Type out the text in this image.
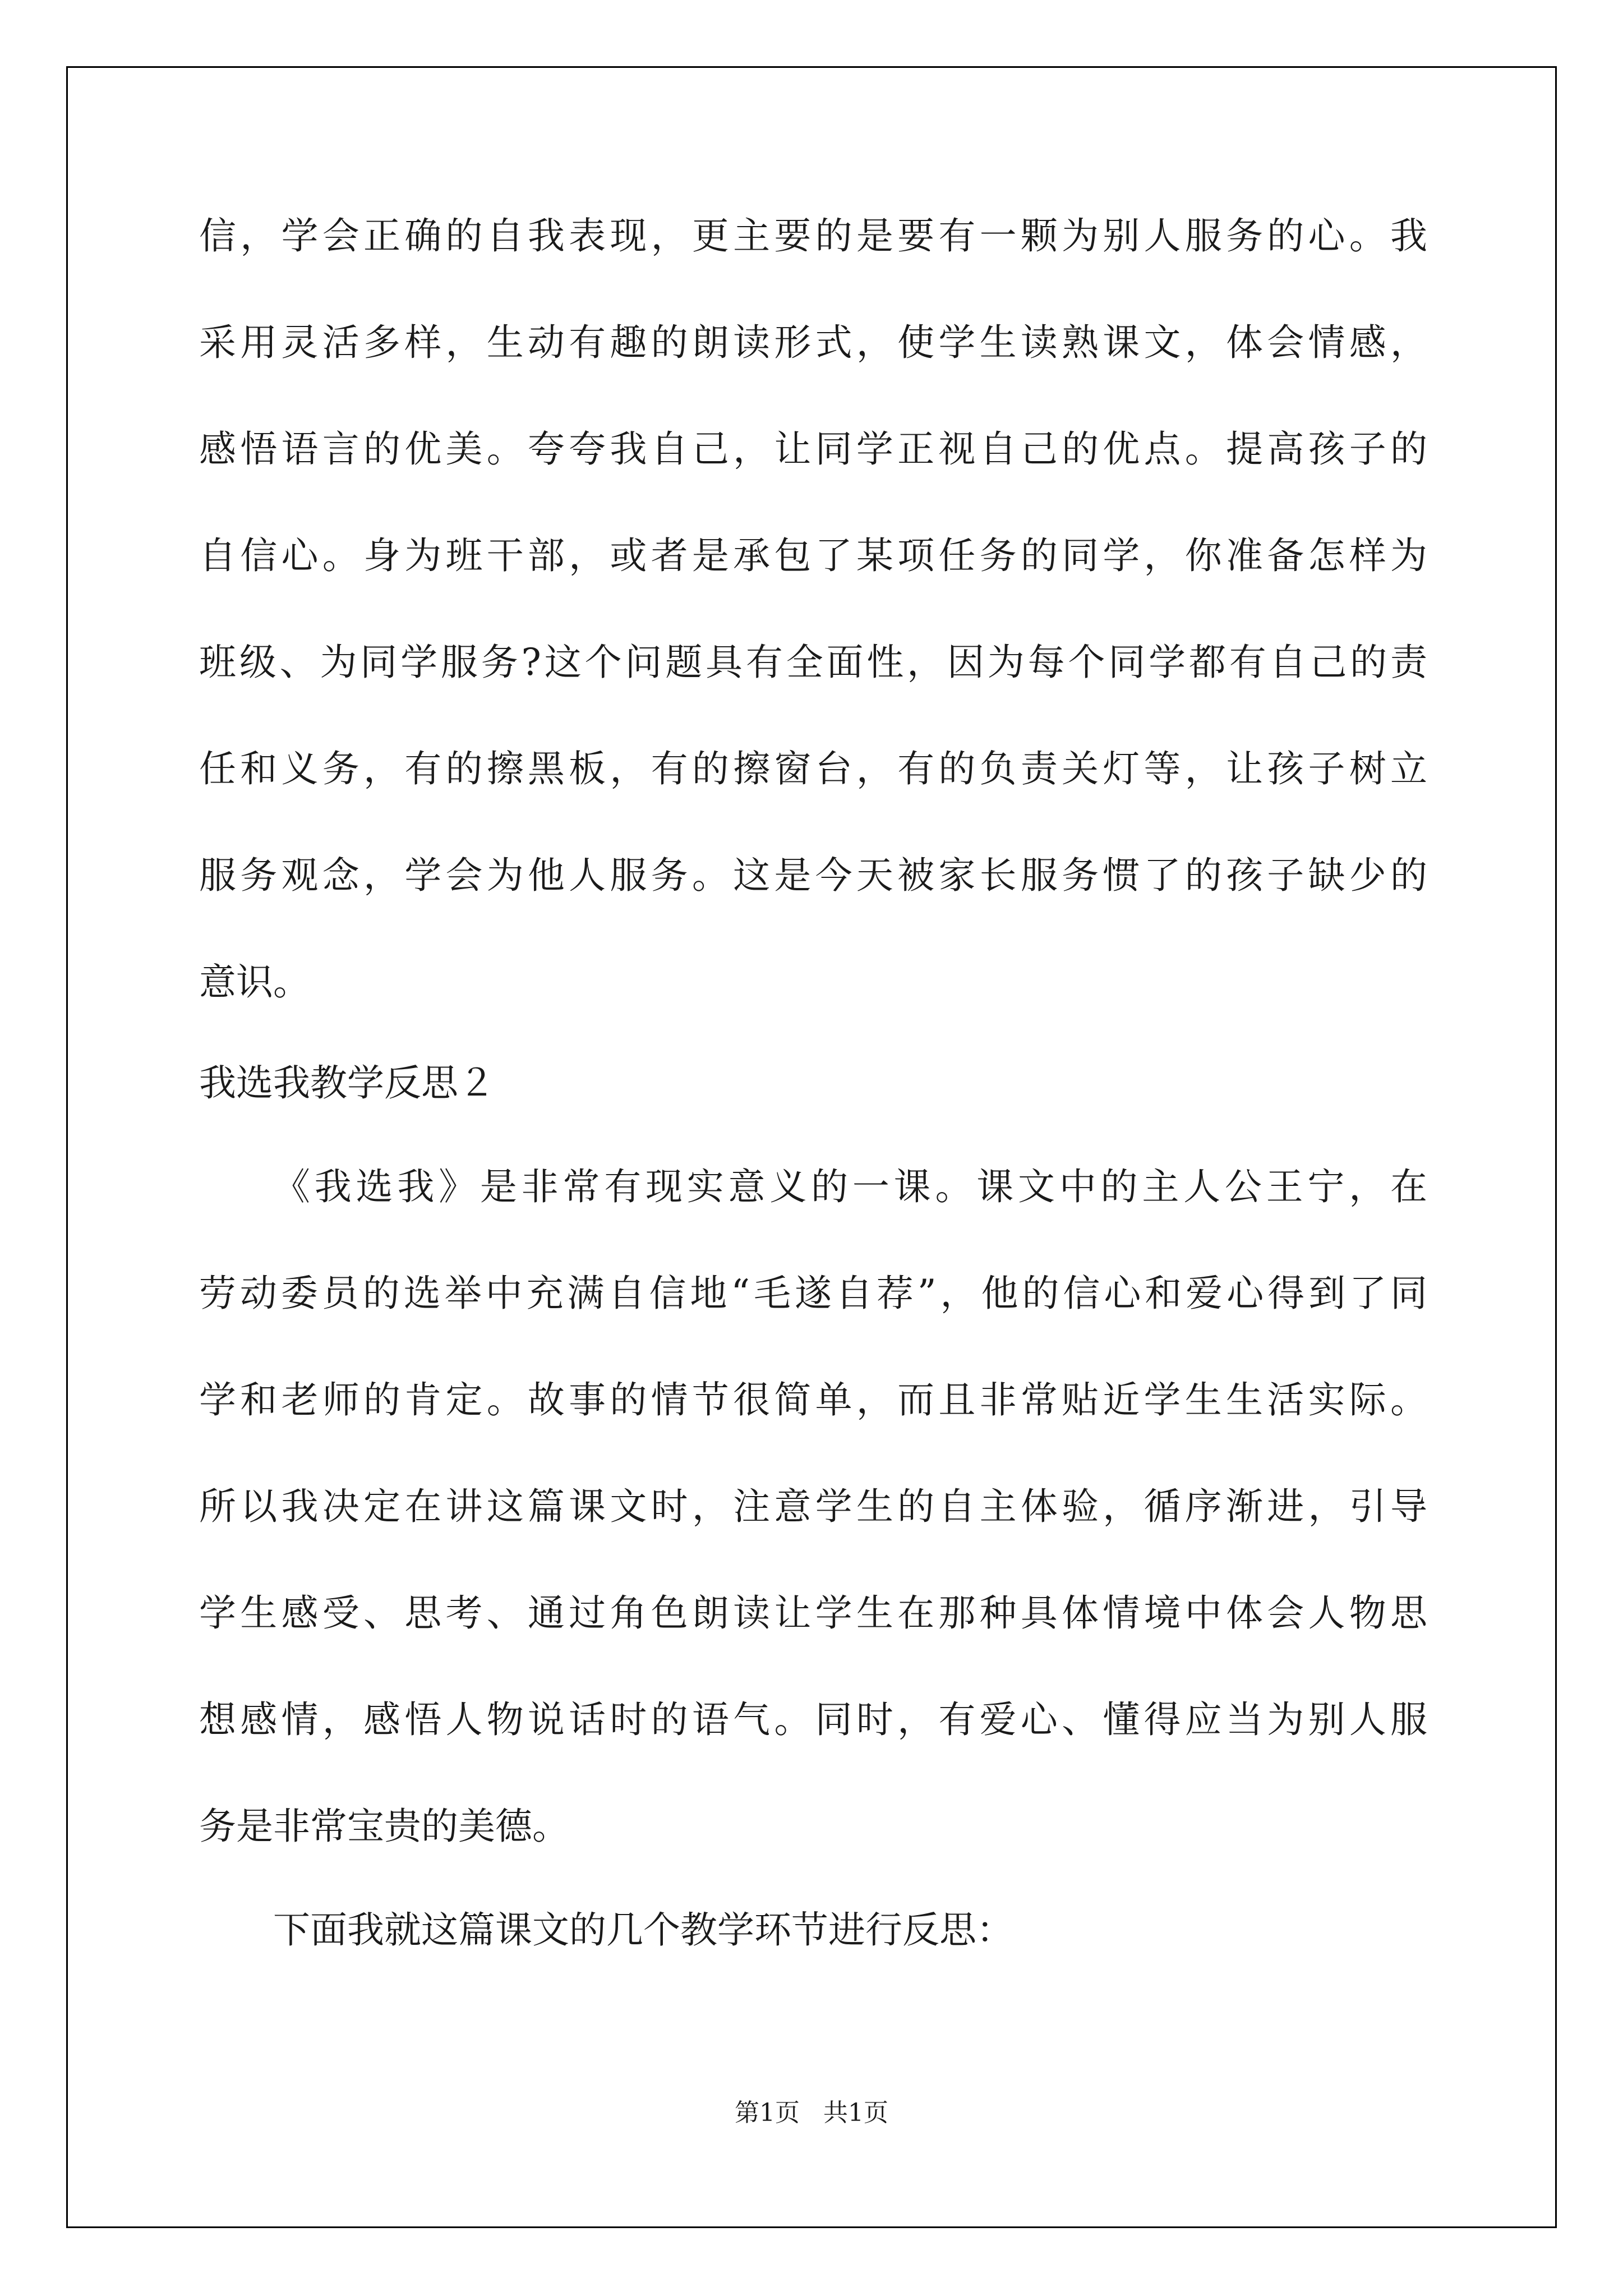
信，学会正确的自我表现，更主要的是要有一颗为别人服务的心。我
采用灵活多样，生动有趣的朗读形式，使学生读熟课文，体会情感，
感悟语言的优美。夸夸我自己，让同学正视自己的优点。提高孩子的
自信心。身为班干部，或者是承包了某项任务的同学，你准备怎样为
班级、为同学服务?这个问题具有全面性，因为每个同学都有自己的责
任和义务，有的擦黑板，有的擦窗台，有的负责关灯等，让孩子树立
服务观念，学会为他人服务。这是今天被家长服务惯了的孩子缺少的
意识。
我选我教学反思２
《我选我》是非常有现实意义的一课。课文中的主人公王宁，在
劳动委员的选举中充满自信地“毛遂自荐”，他的信心和爱心得到了同
学和老师的肯定。故事的情节很简单，而且非常贴近学生生活实际。
所以我决定在讲这篇课文时，注意学生的自主体验，循序渐进，引导
学生感受、思考、通过角色朗读让学生在那种具体情境中体会人物思
想感情，感悟人物说话时的语气。同时，有爱心、懂得应当为别人服
务是非常宝贵的美德。
下面我就这篇课文的几个教学环节进行反思：
第1页   共1页
